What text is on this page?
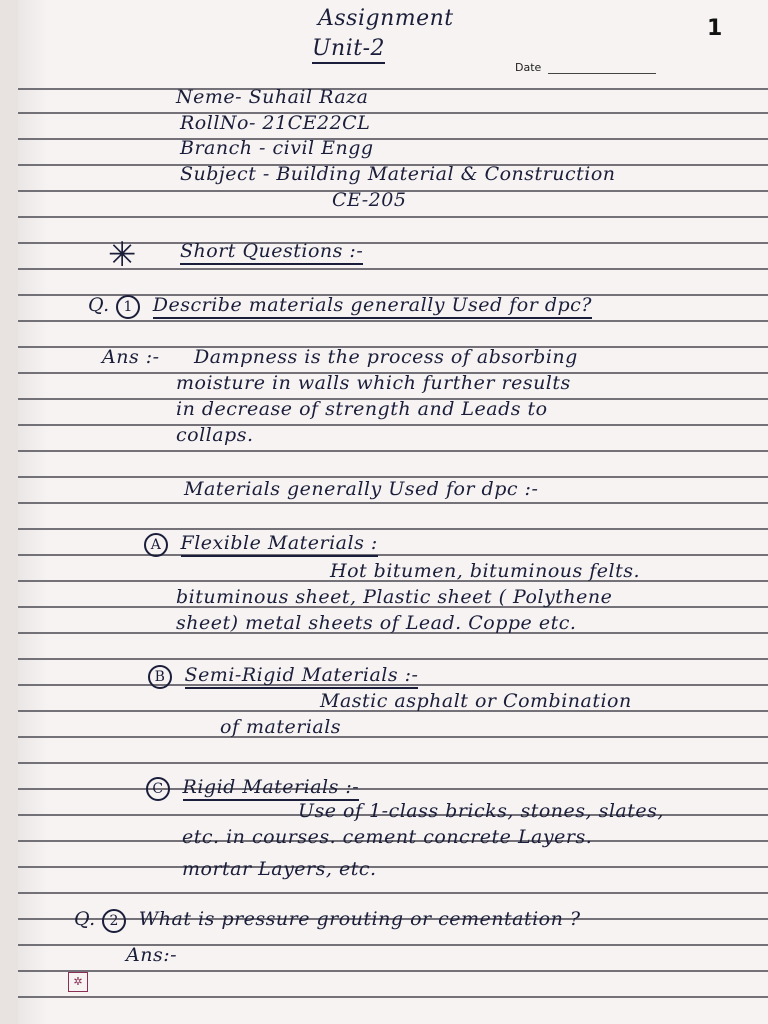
1
Date
Assignment
Unit-2
Neme- Suhail Raza
RollNo- 21CE22CL
Branch - civil Engg
Subject - Building Material & Construction
CE-205
✳ Short Questions :-
Q. 1 Describe materials generally Used for dpc?
Ans :- Dampness is the process of absorbing
moisture in walls which further results
in decrease of strength and Leads to
collaps.
Materials generally Used for dpc :-
A Flexible Materials :
Hot bitumen, bituminous felts.
bituminous sheet, Plastic sheet ( Polythene
sheet) metal sheets of Lead. Coppe etc.
B Semi-Rigid Materials :-
Mastic asphalt or Combination
of materials
C Rigid Materials :-
Use of 1-class bricks, stones, slates,
etc. in courses. cement concrete Layers.
mortar Layers, etc.
Q. 2 What is pressure grouting or cementation ?
Ans:-
✲
